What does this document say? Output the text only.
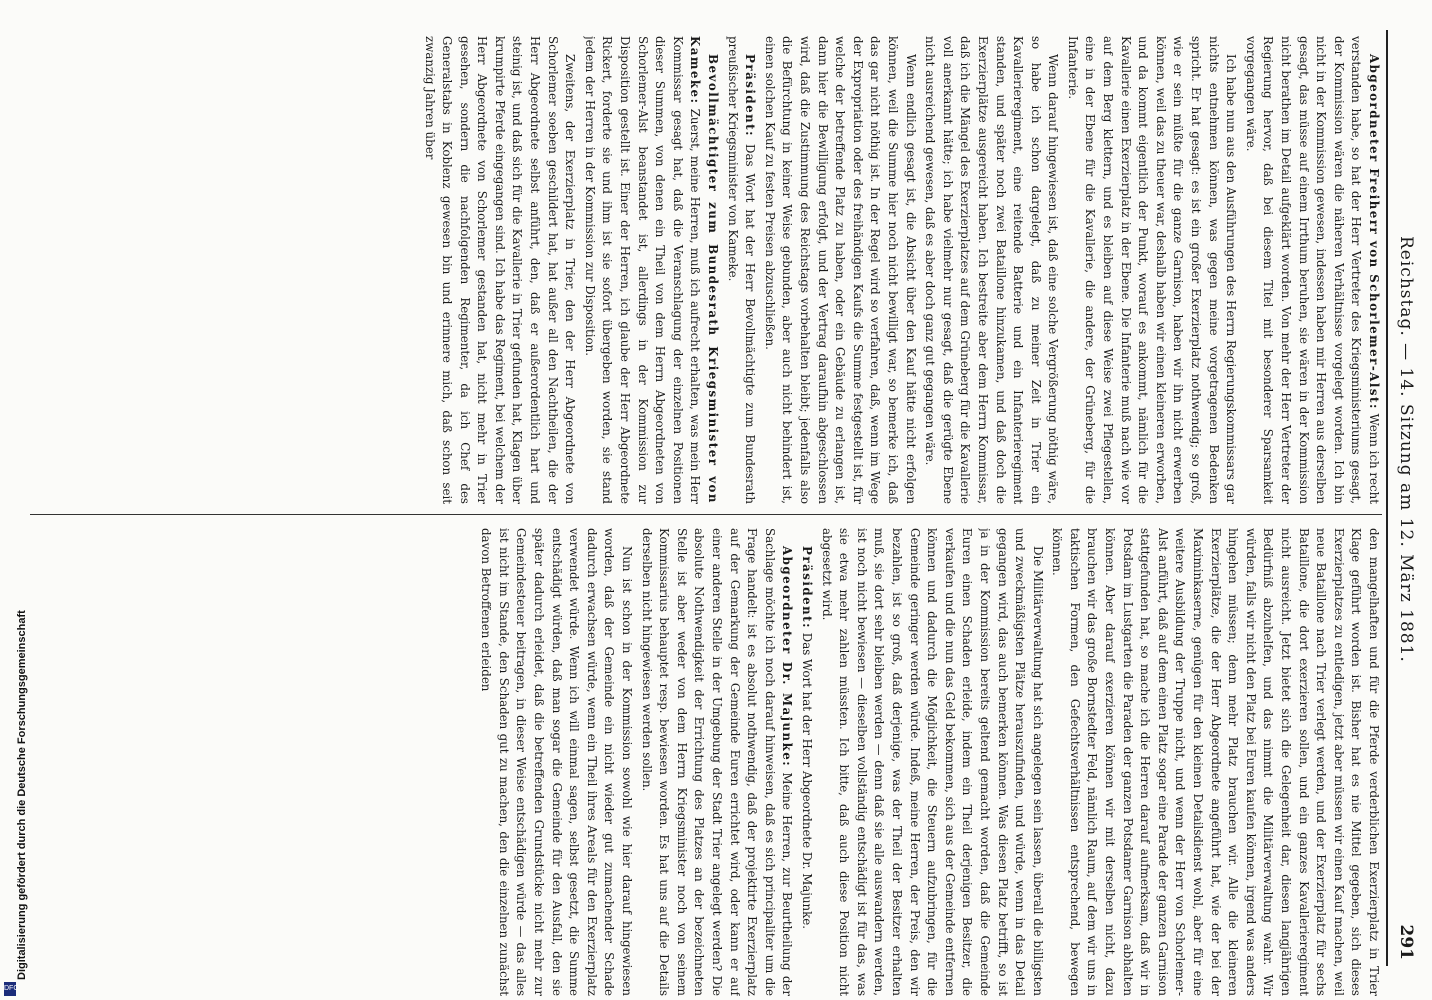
Reichstag. — 14. Sitzung am 12. März 1881.
291

Abgeordneter Freiherr von Schorlemer-Alst: Wenn ich recht verstanden habe, so hat der Herr Vertreter des Kriegsministeriums gesagt, der Kommission wären die näheren Verhältnisse vorgelegt worden. Ich bin nicht in der Kommission gewesen, indessen haben mir Herren aus derselben gesagt, das müsse auf einem Irrthum beruhen, sie wären in der Kommission nicht berathen im Detail aufgeklärt worden. Von mehr der Herr Vertreter der Regierung hervor, daß bei diesem Titel mit besonderer Sparsamkeit vorgegangen wäre.

Ich habe nun aus den Ausführungen des Herrn Regierungskommissars gar nichts entnehmen können, was gegen meine vorgetragenen Bedenken spricht. Er hat gesagt: es ist ein großer Exerzierplatz nothwendig; so groß, wie er sein müßte für die ganze Garnison, haben wir ihn nicht erwerben können, weil das zu theuer war, deshalb haben wir einen kleineren erworben, und da kommt eigentlich der Punkt, worauf es ankommt, nämlich für die Kavallerie einen Exerzierplatz in der Ebene. Die Infanterie muß nach wie vor auf dem Berg klettern, und es bleiben auf diese Weise zwei Pflegestellen, eine in der Ebene für die Kavallerie, die andere, der Grüneberg, für die Infanterie.

Wenn darauf hingewiesen ist, daß eine solche Vergrößerung nöthig wäre, so habe ich schon dargelegt, daß zu meiner Zeit in Trier ein Kavallerieregiment, eine reitende Batterie und ein Infanterieregiment standen, und später noch zwei Bataillone hinzukamen, und daß doch die Exerzierplätze ausgereicht haben. Ich bestreite aber dem Herrn Kommissar, daß ich die Mängel des Exerzierplatzes auf dem Grüneberg für die Kavallerie voll anerkannt hätte; ich habe vielmehr nur gesagt, daß die gerügte Ebene nicht ausreichend gewesen, daß es aber doch ganz gut gegangen wäre.

Wenn endlich gesagt ist, die Absicht über den Kauf hätte nicht erfolgen können, weil die Summe hier noch nicht bewilligt war, so bemerke ich, daß das gar nicht nöthig ist. In der Regel wird so verfahren, daß, wenn im Wege der Expropriation oder des freihändigen Kaufs die Summe festgestellt ist, für welche der betreffende Platz zu haben, oder ein Gebäude zu erlangen ist, dann hier die Bewilligung erfolgt, und der Vertrag daraufhin abgeschlossen wird, daß die Zustimmung des Reichstags vorbehalten bleibt; jedenfalls also die Befürchtung in keiner Weise gebunden, aber auch nicht behindert ist, einen solchen Kauf zu festen Preisen abzuschließen.

Präsident: Das Wort hat der Herr Bevollmächtigte zum Bundesrath preußischer Kriegsminister von Kameke.

Bevollmächtigter zum Bundesrath Kriegsminister von Kameke: Zuerst, meine Herren, muß ich aufrecht erhalten, was mein Herr Kommissar gesagt hat, daß die Veranschlagung der einzelnen Positionen dieser Summen, von denen ein Theil von dem Herrn Abgeordneten von Schorlemer-Alst beanstandet ist, allerdings in der Kommission zur Disposition gestellt ist. Einer der Herren, ich glaube der Herr Abgeordnete Rickert, forderte sie und ihm ist sie sofort übergeben worden, sie stand jedem der Herren in der Kommission zur Disposition.

Zweitens, der Exerzierplatz in Trier, den der Herr Abgeordnete von Schorlemer soeben geschildert hat, hat außer all den Nachtheilen, die der Herr Abgeordnete selbst anführt, den, daß er außerordentlich hart und steinig ist, und daß sich für die Kavallerie in Trier gefunden hat, Klagen über krumpirte Pferde eingegangen sind. Ich habe das Regiment, bei welchem der Herr Abgeordnete von Schorlemer gestanden hat, nicht mehr in Trier gesehen, sondern die nachfolgenden Regimenter, da ich Chef des Generalstabs in Koblenz gewesen bin und erinnere mich, daß schon seit zwanzig Jahren über

den mangelhaften und für die Pferde verderblichen Exerzierplatz in Trier Klage geführt worden ist. Bisher hat es nie Mittel gegeben, sich dieses Exerzierplatzes zu entledigen, jetzt aber müssen wir einen Kauf machen, weil neue Bataillone nach Trier verlegt werden, und der Exerzierplatz für sechs Bataillone, die dort exerzieren sollen, und ein ganzes Kavallerieregiment nicht ausreicht. Jetzt bietet sich die Gelegenheit dar, diesen langjährigen Bedürfniß abzuhelfen, und das nimmt die Militärverwaltung wahr. Wir würden, falls wir nicht den Platz bei Euren kaufen können, irgend was anders hingehen müssen; denn mehr Platz brauchen wir. Alle die kleineren Exerzierplätze, die der Herr Abgeordnete angeführt hat, wie der bei der Maximinkaserne, genügen für den kleinen Detailsdienst wohl, aber für eine weitere Ausbildung der Truppe nicht, und wenn der Herr von Schorlemer-Alst anführt, daß auf dem einen Platz sogar eine Parade der ganzen Garnison stattgefunden hat, so mache ich die Herren darauf aufmerksam, daß wir in Potsdam im Lustgarten die Paraden der ganzen Potsdamer Garnison abhalten können. Aber darauf exerzieren können wir mit derselben nicht, dazu brauchen wir das große Bornstedter Feld, nämlich Raum, auf dem wir uns in taktischen Formen, den Gefechtsverhältnissen entsprechend, bewegen können.

Die Militärverwaltung hat sich angelegen sein lassen, überall die billigsten und zweckmäßigsten Plätze herauszufinden, und würde, wenn in das Detail gegangen wird, das auch bemerken können. Was diesen Platz betrifft, so ist ja in der Kommission bereits geltend gemacht worden, daß die Gemeinde Euren einen Schaden erleide, indem ein Theil derjenigen Besitzer, die verkaufen und die nun das Geld bekommen, sich aus der Gemeinde entfernen können und dadurch die Möglichkeit, die Steuern aufzubringen, für die Gemeinde geringer werden würde. Indeß, meine Herren, der Preis, den wir bezahlen, ist so groß, daß derjenige, was der Theil der Besitzer erhalten muß, sie dort sehr bleiben werden — denn daß sie alle auswandern werden, ist noch nicht bewiesen — dieselben vollständig entschädigt ist für das, was sie etwa mehr zahlen müssten. Ich bitte, daß auch diese Position nicht abgesetzt wird.

Präsident: Das Wort hat der Herr Abgeordnete Dr. Majunke.

Abgeordneter Dr. Majunke: Meine Herren, zur Beurtheilung der Sachlage möchte ich noch darauf hinweisen, daß es sich principaliter um die Frage handelt: ist es absolut nothwendig, daß der projektirte Exerzierplatz auf der Gemarkung der Gemeinde Euren errichtet wird, oder kann er auf einer anderen Stelle in der Umgebung der Stadt Trier angelegt werden? Die absolute Nothwendigkeit der Errichtung des Platzes an der bezeichneten Stelle ist aber weder von dem Herrn Kriegsminister noch von seinem Kommissarius behauptet resp. bewiesen worden. Es hat uns auf die Details derselben nicht hingewiesen werden sollen.

Nun ist schon in der Kommission sowohl wie hier darauf hingewiesen worden, daß der Gemeinde ein nicht wieder gut zumachender Schade dadurch erwachsen würde, wenn ein Theil ihres Areals für den Exerzierplatz verwendet würde. Wenn ich will einmal sagen, selbst gesetzt, die Summe entschädigt würden, daß man sogar die Gemeinde für den Ausfall, den sie später dadurch erleidet, daß die betreffenden Grundstücke nicht mehr zur Gemeindesteuer beitragen, in dieser Weise entschädigen würde — das alles ist nicht im Stande, den Schaden gut zu machen, den die einzelnen zunächst davon Betroffenen erleiden

Digitalisierung gefördert durch die Deutsche Forschungsgemeinschaft
DFG
